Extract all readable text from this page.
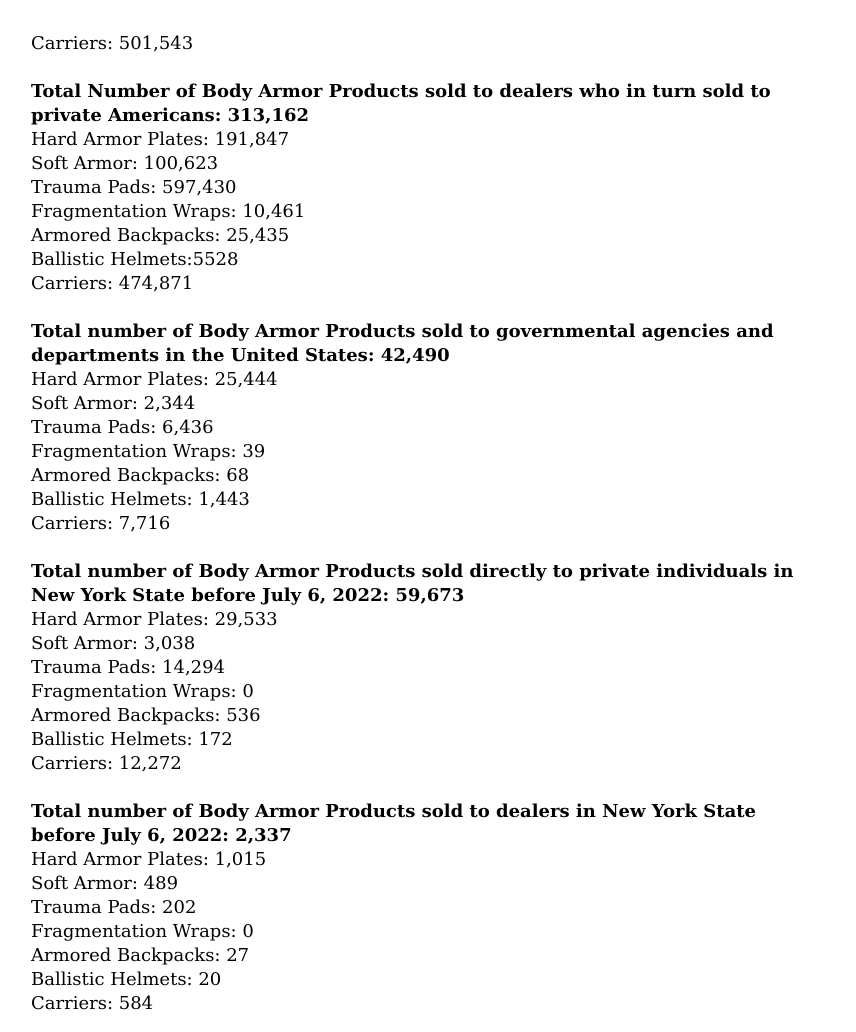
Carriers: 501,543
Total Number of Body Armor Products sold to dealers who in turn sold to private Americans: 313,162
Hard Armor Plates: 191,847
Soft Armor: 100,623
Trauma Pads: 597,430
Fragmentation Wraps: 10,461
Armored Backpacks: 25,435
Ballistic Helmets:5528
Carriers: 474,871
Total number of Body Armor Products sold to governmental agencies and departments in the United States: 42,490
Hard Armor Plates: 25,444
Soft Armor: 2,344
Trauma Pads: 6,436
Fragmentation Wraps: 39
Armored Backpacks: 68
Ballistic Helmets: 1,443
Carriers: 7,716
Total number of Body Armor Products sold directly to private individuals in New York State before July 6, 2022: 59,673
Hard Armor Plates: 29,533
Soft Armor: 3,038
Trauma Pads: 14,294
Fragmentation Wraps: 0
Armored Backpacks: 536
Ballistic Helmets: 172
Carriers: 12,272
Total number of Body Armor Products sold to dealers in New York State before July 6, 2022: 2,337
Hard Armor Plates: 1,015
Soft Armor: 489
Trauma Pads: 202
Fragmentation Wraps: 0
Armored Backpacks: 27
Ballistic Helmets: 20
Carriers: 584
